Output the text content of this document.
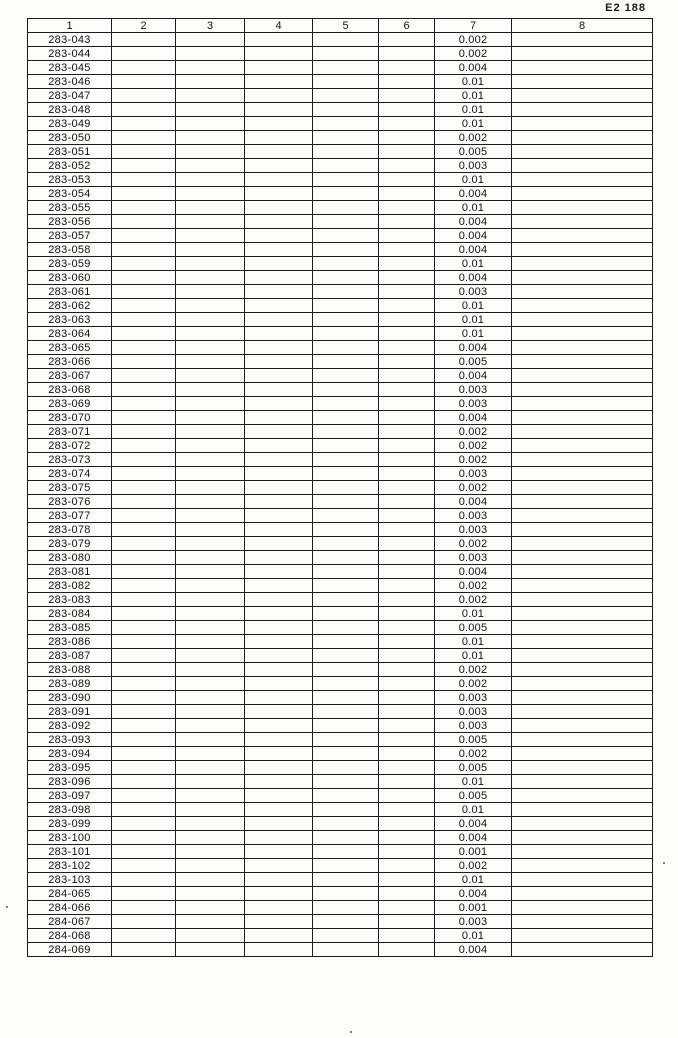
E2 188
1	2	3	4	5	6	7	8
283-043						0.002	
283-044						0.002	
283-045						0.004	
283-046						0.01	
283-047						0.01	
283-048						0.01	
283-049						0.01	
283-050						0.002	
283-051						0.005	
283-052						0.003	
283-053						0.01	
283-054						0.004	
283-055						0.01	
283-056						0.004	
283-057						0.004	
283-058						0.004	
283-059						0.01	
283-060						0.004	
283-061						0.003	
283-062						0.01	
283-063						0.01	
283-064						0.01	
283-065						0.004	
283-066						0.005	
283-067						0.004	
283-068						0.003	
283-069						0.003	
283-070						0.004	
283-071						0.002	
283-072						0.002	
283-073						0.002	
283-074						0.003	
283-075						0.002	
283-076						0.004	
283-077						0.003	
283-078						0.003	
283-079						0.002	
283-080						0.003	
283-081						0.004	
283-082						0.002	
283-083						0.002	
283-084						0.01	
283-085						0.005	
283-086						0.01	
283-087						0.01	
283-088						0.002	
283-089						0.002	
283-090						0.003	
283-091						0.003	
283-092						0.003	
283-093						0.005	
283-094						0.002	
283-095						0.005	
283-096						0.01	
283-097						0.005	
283-098						0.01	
283-099						0.004	
283-100						0.004	
283-101						0.001	
283-102						0.002	
283-103						0.01	
284-065						0.004	
284-066						0.001	
284-067						0.003	
284-068						0.01	
284-069						0.004	
